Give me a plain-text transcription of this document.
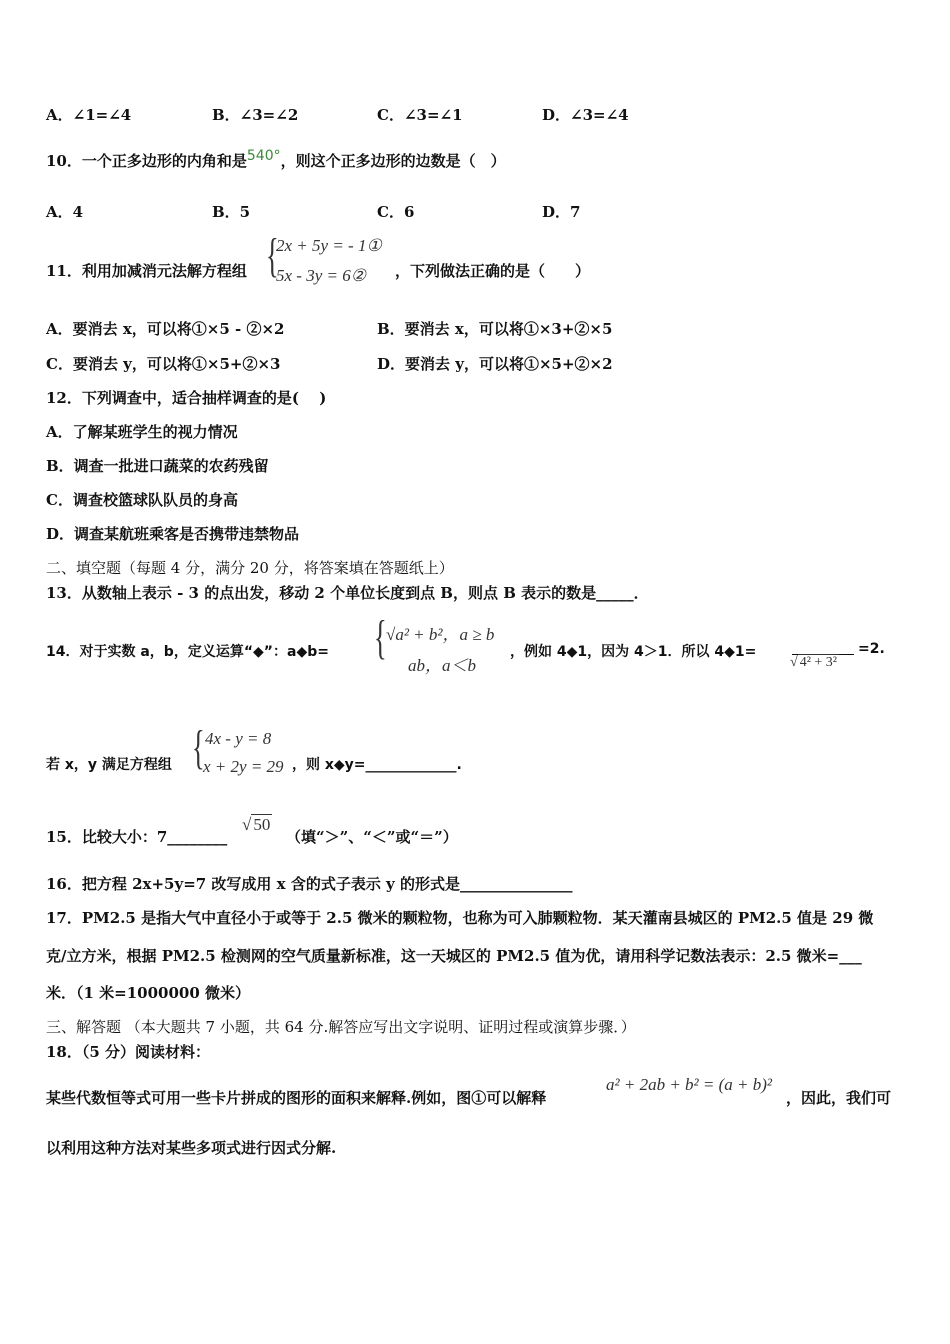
A．∠1=∠4	B．∠3=∠2	C．∠3=∠1	D．∠3=∠4
10．一个正多边形的内角和是540°，则这个正多边形的边数是（　）
A．4	B．5	C．6	D．7
11．利用加减消元法解方程组 {
2x + 5y = - 1①
5x - 3y = 6② ，下列做法正确的是（　　）
A．要消去 x，可以将①×5 - ②×2	B．要消去 x，可以将①×3+②×5
C．要消去 y，可以将①×5+②×3	D．要消去 y，可以将①×5+②×2
12．下列调查中，适合抽样调查的是(　 )
A．了解某班学生的视力情况
B．调查一批进口蔬菜的农药残留
C．调查校篮球队队员的身高
D．调查某航班乘客是否携带违禁物品
二、填空题（每题 4 分，满分 20 分，将答案填在答题纸上）
13．从数轴上表示 - 3 的点出发，移动 2 个单位长度到点 B，则点 B 表示的数是_____．
14．对于实数 a，b，定义运算“◆”：a◆b= { √a² + b²，a ≥ b
ab，a＜b
，例如 4◆1，因为 4＞1．所以 4◆1=
√ 4² + 3²
=2.
若 x，y 满足方程组 { 4x - y = 8
x + 2y = 29 ，则 x◆y=_____________.
15．比较大小：7________
√ 50
（填“＞”、“＜”或“＝”）
16．把方程 2x+5y=7 改写成用 x 含的式子表示 y 的形式是_______________
17．PM2.5 是指大气中直径小于或等于 2.5 微米的颗粒物，也称为可入肺颗粒物．某天灌南县城区的 PM2.5 值是 29 微
克/立方米，根据 PM2.5 检测网的空气质量新标准，这一天城区的 PM2.5 值为优，请用科学记数法表示：2.5 微米=___
米．（1 米=1000000 微米）
三、解答题 （本大题共 7 小题，共 64 分.解答应写出文字说明、证明过程或演算步骤．）
18．（5 分）阅读材料：
某些代数恒等式可用一些卡片拼成的图形的面积来解释.例如，图①可以解释
a² + 2ab + b² = (a + b)²
，因此，我们可
以利用这种方法对某些多项式进行因式分解.
